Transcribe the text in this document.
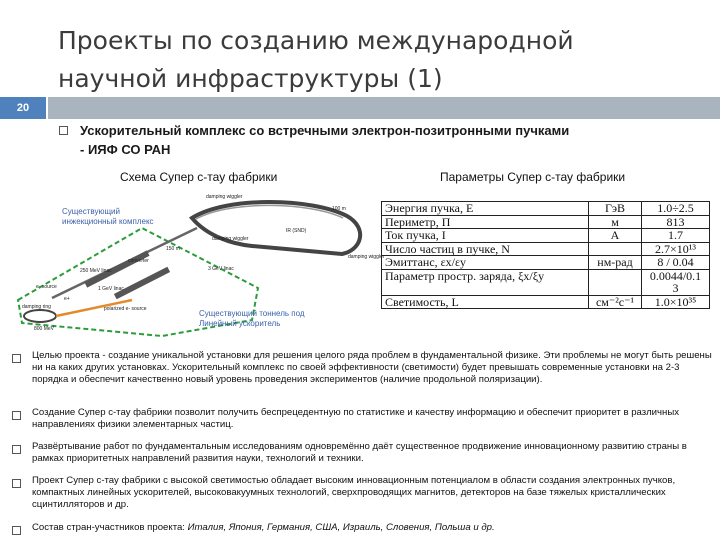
Проекты по созданию международной
научной инфраструктуры (1)
20
Ускорительный комплекс со встречными электрон-позитронными пучками
- ИЯФ СО РАН
Схема Супер c-тау фабрики	Параметры Супер c-тау фабрики
Существующий инжекционный комплекс
Существующий тоннель под Линейный ускоритель
damping wiggler
100 m
IR (SND)
damping wiggler
damping wiggler
150 m
3 GeV linac
converter
250 MeV linac
1 GeV linac
e- source
e+
damping ring	polarized e- source
800 MeV
Энергия пучка, E	ГэВ	1.0÷2.5
Периметр, П	м	813
Ток пучка, I	А	1.7
Число частиц в пучке, N		2.7×10¹³
Эмиттанс, εx/εy	нм-рад	8 / 0.04
Параметр простр. заряда, ξx/ξy		0.0044/0.1
3
Светимость, L	см⁻²с⁻¹	1.0×10³⁵
Целью проекта - создание уникальной установки для решения целого ряда проблем в фундаментальной физике. Эти проблемы не могут быть решены ни на каких других установках. Ускорительный комплекс по своей эффективности (светимости) будет превышать современные установки на 2-3 порядка и обеспечит качественно новый уровень проведения экспериментов (наличие продольной поляризации).
Создание Супер c-тау фабрики позволит получить беспрецедентную по статистике и качеству информацию и обеспечит приоритет в различных направлениях физики элементарных частиц.
Развёртывание работ по фундаментальным исследованиям одновремённо даёт существенное продвижение инновационному развитию страны в рамках приоритетных направлений развития науки, технологий и техники.
Проект Супер c-тау фабрики с высокой светимостью обладает высоким инновационным потенциалом в области создания электронных пучков, компактных линейных ускорителей, высоковакуумных технологий, сверхпроводящих магнитов, детекторов на базе тяжелых кристаллических сцинтилляторов и др.
Состав стран-участников проекта: Италия, Япония, Германия, США, Израиль, Словения, Польша и др.
